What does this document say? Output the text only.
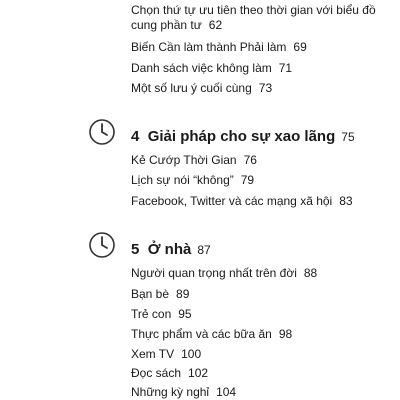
Chọn thứ tự ưu tiên theo thời gian với biểu đồ
cung phần tư 62
Biến Cần làm thành Phải làm 69
Danh sách việc không làm 71
Một số lưu ý cuối cùng 73
4 Giải pháp cho sự xao lãng 75
Kẻ Cướp Thời Gian 76
Lịch sự nói “không” 79
Facebook, Twitter và các mạng xã hội 83
5 Ở nhà 87
Người quan trọng nhất trên đời 88
Bạn bè 89
Trẻ con 95
Thực phẩm và các bữa ăn 98
Xem TV 100
Đọc sách 102
Những kỳ nghỉ 104
